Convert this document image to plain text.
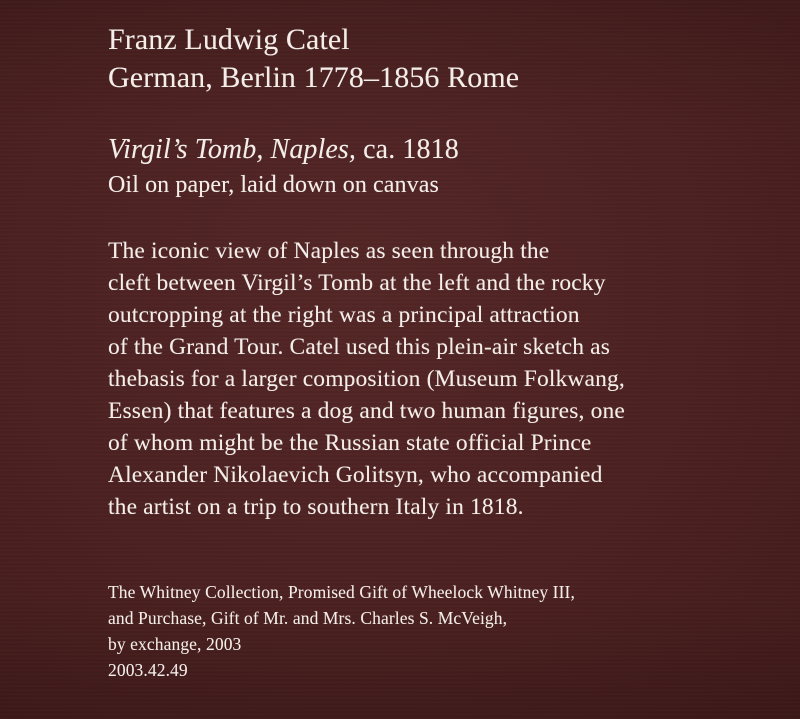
Franz Ludwig Catel

German, Berlin 1778–1856 Rome

Virgil’s Tomb, Naples, ca. 1818

Oil on paper, laid down on canvas

The iconic view of Naples as seen through the
cleft between Virgil’s Tomb at the left and the rocky
outcropping at the right was a principal attraction
of the Grand Tour. Catel used this plein-air sketch as
thebasis for a larger composition (Museum Folkwang,
Essen) that features a dog and two human figures, one
of whom might be the Russian state official Prince
Alexander Nikolaevich Golitsyn, who accompanied
the artist on a trip to southern Italy in 1818.
The Whitney Collection, Promised Gift of Wheelock Whitney III,
and Purchase, Gift of Mr. and Mrs. Charles S. McVeigh,
by exchange, 2003
2003.42.49
